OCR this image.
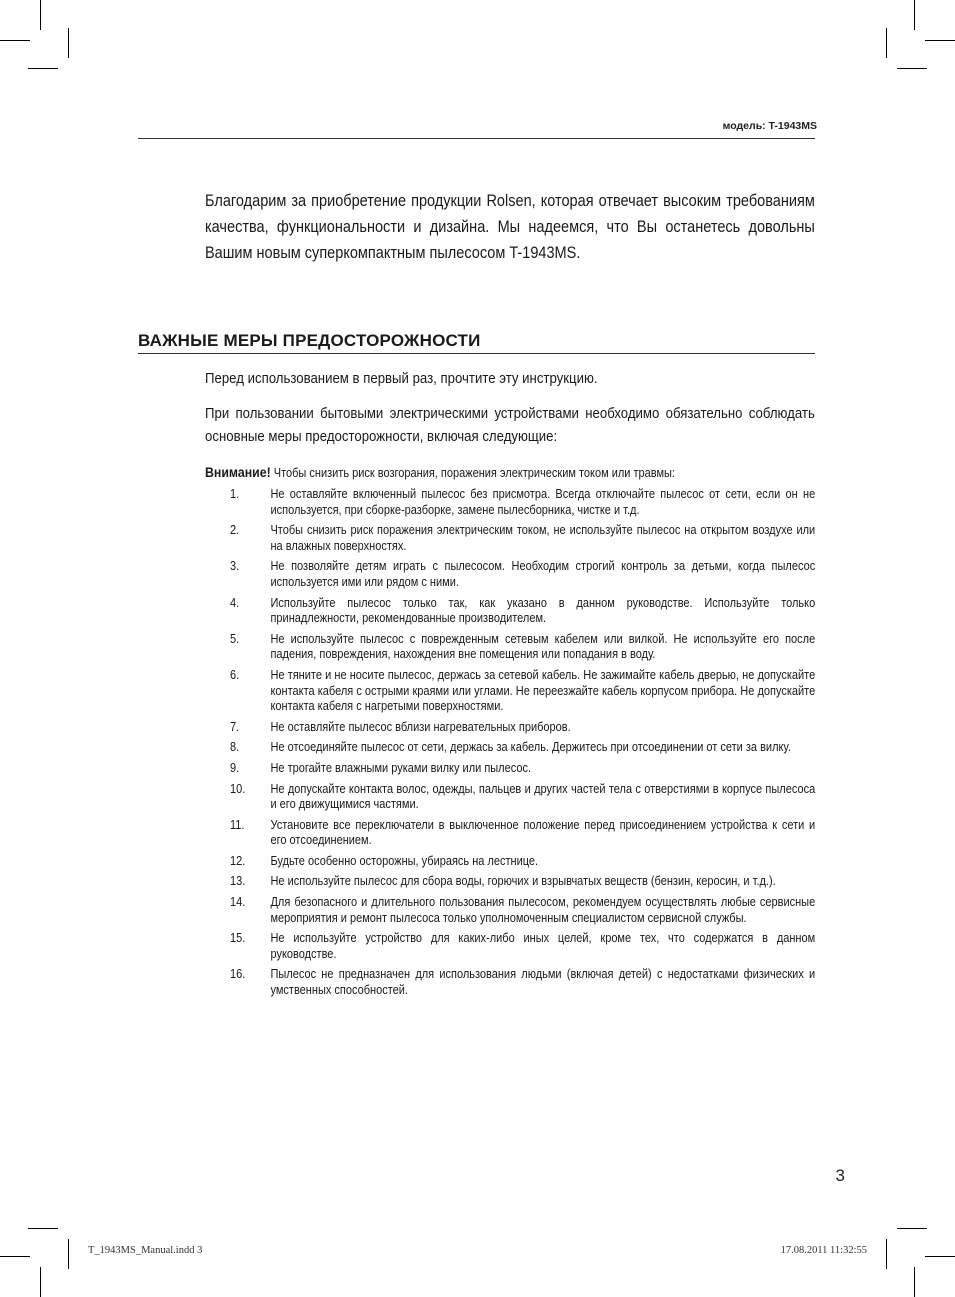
модель: T-1943MS
Благодарим за приобретение продукции Rolsen, которая отвечает высоким требованиям качества, функциональности и дизайна. Мы надеемся, что Вы останетесь довольны Вашим новым суперкомпактным пылесосом T-1943MS.
ВАЖНЫЕ МЕРЫ ПРЕДОСТОРОЖНОСТИ
Перед использованием в первый раз, прочтите эту инструкцию.
При пользовании бытовыми электрическими устройствами необходимо обязательно соблюдать основные меры предосторожности, включая следующие:
Внимание! Чтобы снизить риск возгорания, поражения электрическим током или травмы:
1.	Не оставляйте включенный пылесос без присмотра. Всегда отключайте пылесос от сети, если он не используется, при сборке-разборке, замене пылесборника, чистке и т.д.
2.	Чтобы снизить риск поражения электрическим током, не используйте пылесос на открытом воздухе или на влажных поверхностях.
3.	Не позволяйте детям играть с пылесосом. Необходим строгий контроль за детьми, когда пылесос используется ими или рядом с ними.
4.	Используйте пылесос только так, как указано в данном руководстве. Используйте только принадлежности, рекомендованные производителем.
5.	Не используйте пылесос с поврежденным сетевым кабелем или вилкой. Не используйте его после падения, повреждения, нахождения вне помещения или попадания в воду.
6.	Не тяните и не носите пылесос, держась за сетевой кабель. Не зажимайте кабель дверью, не допускайте контакта кабеля с острыми краями или углами. Не переезжайте кабель корпусом прибора. Не допускайте контакта кабеля с нагретыми поверхностями.
7.	Не оставляйте пылесос вблизи нагревательных приборов.
8.	Не отсоединяйте пылесос от сети, держась за кабель. Держитесь при отсоединении от сети за вилку.
9.	Не трогайте влажными руками вилку или пылесос.
10.	Не допускайте контакта волос, одежды, пальцев и других частей тела с отверстиями в корпусе пылесоса и его движущимися частями.
11.	Установите все переключатели в выключенное положение перед присоединением устройства к сети и его отсоединением.
12.	Будьте особенно осторожны, убираясь на лестнице.
13.	Не используйте пылесос для сбора воды, горючих и взрывчатых веществ (бензин, керосин, и т.д.).
14.	Для безопасного и длительного пользования пылесосом, рекомендуем осуществлять любые сервисные мероприятия и ремонт пылесоса только уполномоченным специалистом сервисной службы.
15.	Не используйте устройство для каких-либо иных целей, кроме тех, что содержатся в данном руководстве.
16.	Пылесос не предназначен для использования людьми (включая детей) с недостатками физических и умственных способностей.
3
T_1943MS_Manual.indd 3	17.08.2011 11:32:55
